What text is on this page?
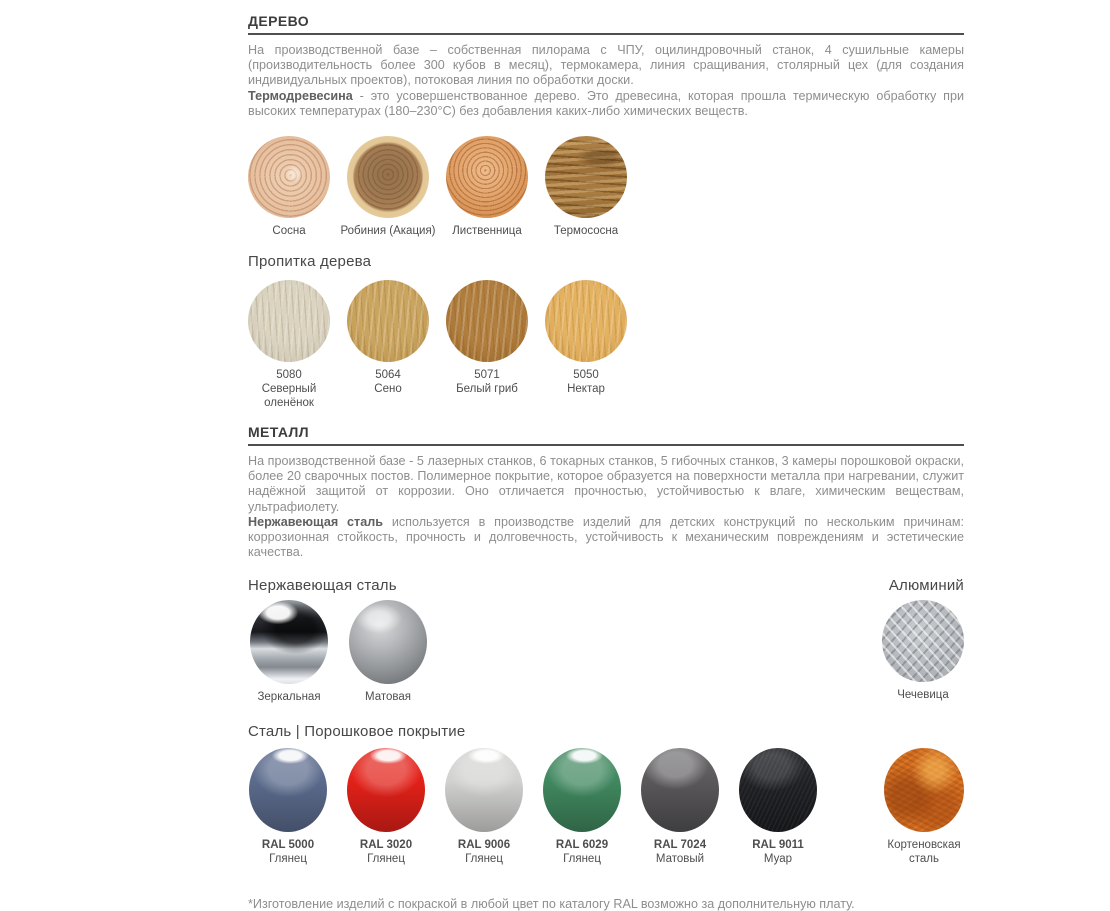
ДЕРЕВО

На производственной базе – собственная пилорама с ЧПУ, оцилиндровочный станок, 4 сушильные камеры (производительность более 300 кубов в месяц), термокамера, линия сращивания, столярный цех (для создания индивидуальных проектов), потоковая линия по обработки доски.

Термодревесина - это усовершенствованное дерево. Это древесина, которая прошла термическую обработку при высоких температурах (180–230°С) без добавления каких-либо химических веществ.

Сосна	Робиния (Акация) Лиственница	Термососна
Пропитка дерева
5080
Северный оленёнок
5064
Сено
5071
Белый гриб
5050
Нектар
МЕТАЛЛ

На производственной базе - 5 лазерных станков, 6 токарных станков, 5 гибочных станков, 3 камеры порошковой окраски, более 20 сварочных постов. Полимерное покрытие, которое образуется на поверхности металла при нагревании, служит надёжной защитой от коррозии. Оно отличается прочностью, устойчивостью к влаге, химическим веществам, ультрафиолету.

Нержавеющая сталь используется в производстве изделий для детских конструкций по нескольким причинам: коррозионная стойкость, прочность и долговечность, устойчивость к механическим повреждениям и эстетические качества.

Нержавеющая сталь	Алюминий
Зеркальная	Матовая	Чечевица
Сталь | Порошковое покрытие
RAL 5000
Глянец
RAL 3020
Глянец
RAL 9006
Глянец
RAL 6029
Глянец
RAL 7024
Матовый
RAL 9011
Муар
Кортеновская сталь
*Изготовление изделий с покраской в любой цвет по каталогу RAL возможно за дополнительную плату.
